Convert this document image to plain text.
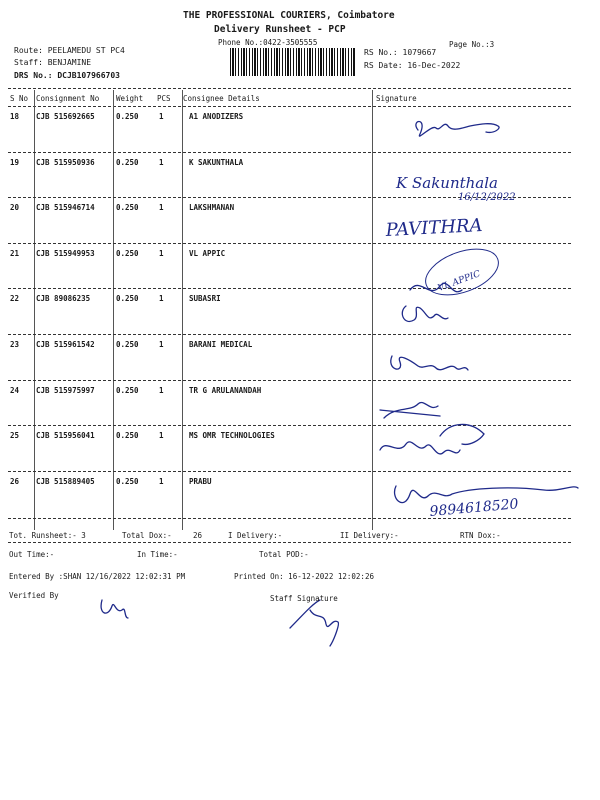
THE PROFESSIONAL COURIERS, Coimbatore
Delivery Runsheet - PCP
Phone No.:0422-3505555	Page No.:3
Route: PEELAMEDU ST PC4
Staff: BENJAMINE
DRS No.: DCJB107966703
RS No.: 1079667
RS Date: 16-Dec-2022
S No Consignment No Weight PCS Consignee Details	Signature
18 CJB 515692665	0.250	1	A1 ANODIZERS
19 CJB 515950936	0.250	1	K SAKUNTHALA
20 CJB 515946714	0.250	1	LAKSHMANAN
21 CJB 515949953	0.250	1	VL APPIC
22 CJB 89086235	0.250	1	SUBASRI
23 CJB 515961542	0.250	1	BARANI MEDICAL
24 CJB 515975997	0.250	1	TR G ARULANANDAH
25 CJB 515956041	0.250	1	MS OMR TECHNOLOGIES
26 CJB 515889405	0.250	1	PRABU
K Sakunthala
16/12/2022
PAVITHRA
VL APPIC
9894618520
Tot. Runsheet:- 3	Total Dox:-	26	I Delivery:-	II Delivery:-	RTN Dox:-
Out Time:-	In Time:-	Total POD:-
Entered By :SHAN 12/16/2022 12:02:31 PM	Printed On: 16-12-2022 12:02:26
Verified By	Staff Signature
